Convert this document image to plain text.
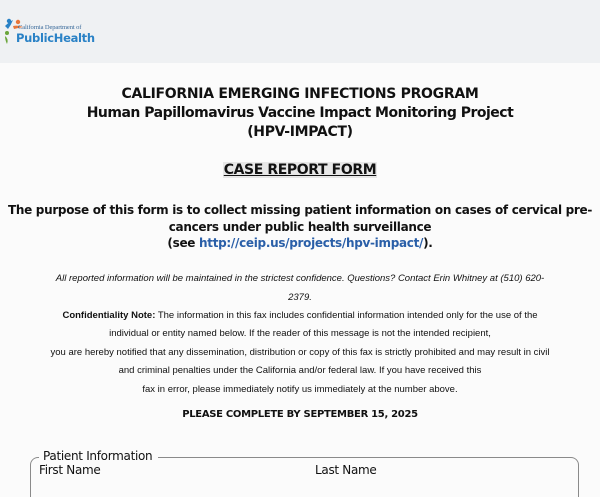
California Department of
PublicHealth
CALIFORNIA EMERGING INFECTIONS PROGRAM
Human Papillomavirus Vaccine Impact Monitoring Project
(HPV-IMPACT)
CASE REPORT FORM
The purpose of this form is to collect missing patient information on cases of cervical pre-
cancers under public health surveillance
(see http://ceip.us/projects/hpv-impact/).
All reported information will be maintained in the strictest confidence. Questions? Contact Erin Whitney at (510) 620-
2379.
Confidentiality Note: The information in this fax includes confidential information intended only for the use of the
individual or entity named below. If the reader of this message is not the intended recipient,
you are hereby notified that any dissemination, distribution or copy of this fax is strictly prohibited and may result in civil
and criminal penalties under the California and/or federal law. If you have received this
fax in error, please immediately notify us immediately at the number above.
PLEASE COMPLETE BY SEPTEMBER 15, 2025
Patient Information
First Name	Last Name
